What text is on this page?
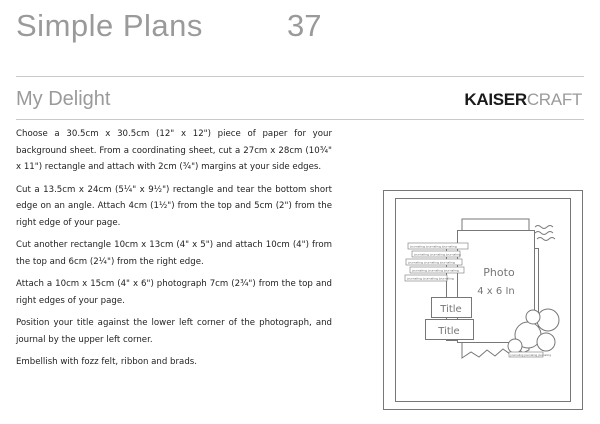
Simple Plans	37
My Delight	KAISERCRAFT

Choose a 30.5cm x 30.5cm (12" x 12") piece of paper for your background sheet. From a coordinating sheet, cut a 27cm x 28cm (10¾" x 11") rectangle and attach with 2cm (¾") margins at your side edges.

Cut a 13.5cm x 24cm (5¼" x 9½") rectangle and tear the bottom short edge on an angle. Attach 4cm (1½") from the top and 5cm (2") from the right edge of your page.

Cut another rectangle 10cm x 13cm (4" x 5") and attach 10cm (4") from the top and 6cm (2¼") from the right edge.

Attach a 10cm x 15cm (4" x 6") photograph 7cm (2¾") from the top and right edges of your page.

Position your title against the lower left corner of the photograph, and journal by the upper left corner.

Embellish with fozz felt, ribbon and brads.

Photo
4 x 6 In
journaling journaling journaling
journaling journaling journaling
journaling journaling journaling
journaling journaling journaling
journaling journaling journaling
Title
Title
journaling journaling journaling
